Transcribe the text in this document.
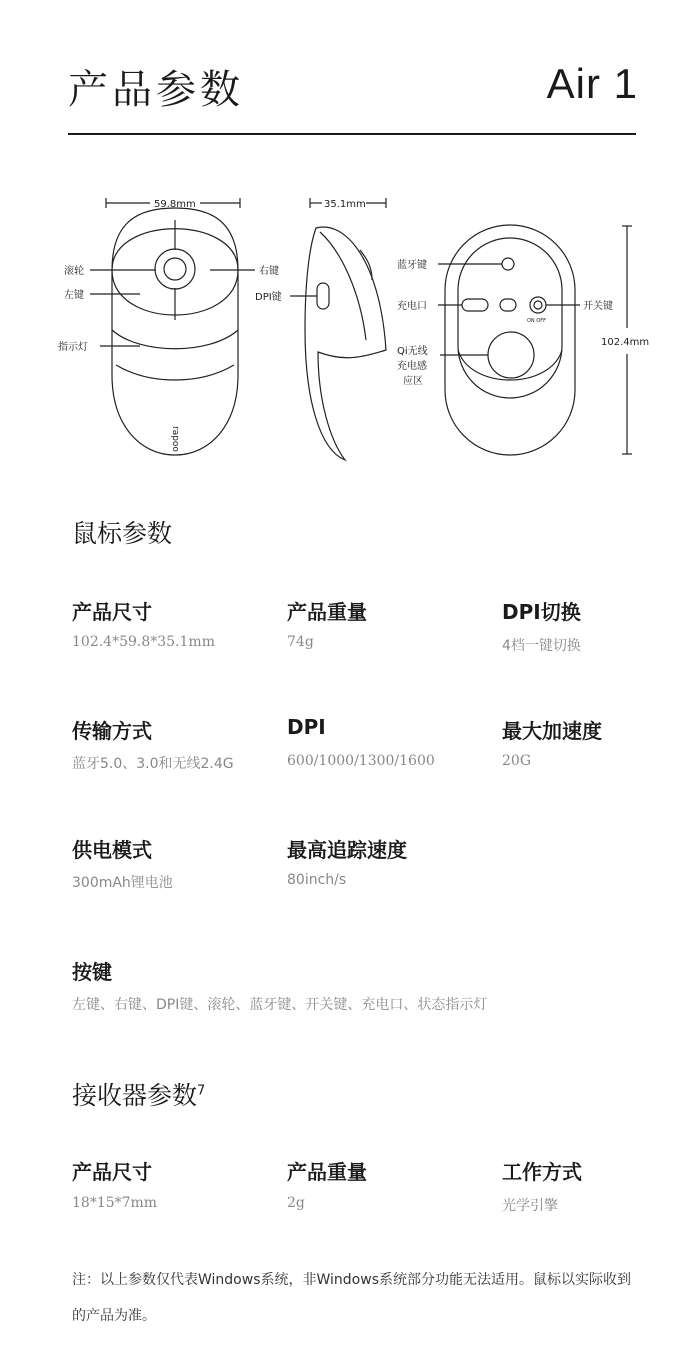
产品参数	Air 1
59.8mm	35.1mm
102.4mm
滚轮
左键
指示灯
右键
DPI键
蓝牙键
充电口
Qi无线
充电感
应区
开关键
rapoo
ON OFF
鼠标参数
产品尺寸
102.4*59.8*35.1mm
产品重量
74g
DPI切换
4档一键切换
传输方式
蓝牙5.0、3.0和无线2.4G
DPI
600/1000/1300/1600
最大加速度
20G
供电模式
300mAh锂电池
最高追踪速度
80inch/s
按键
左键、右键、DPI键、滚轮、蓝牙键、开关键、充电口、状态指示灯
接收器参数$^7$
产品尺寸
18*15*7mm
产品重量
2g
工作方式
光学引擎
注：以上参数仅代表Windows系统，非Windows系统部分功能无法适用。鼠标以实际收到的产品为准。
